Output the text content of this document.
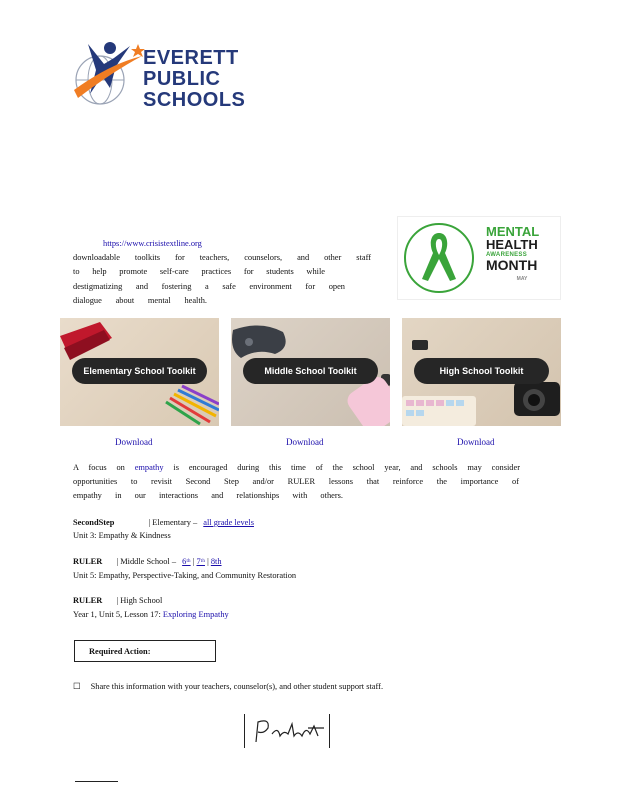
EVERETT
PUBLIC
SCHOOLS
https://www.crisistextline.org
downloadable toolkits for teachers, counselors, and other staff
to help promote self-care practices for students while
destigmatizing and fostering a safe environment for open
dialogue about mental health.
MENTAL
HEALTH
AWARENESS
MONTH
MAY
Elementary School Toolkit	Middle School Toolkit	High School Toolkit
Download	Download	Download
A focus on empathy is encouraged during this time of the school year, and schools may consider
opportunities to revisit Second Step and/or RULER lessons that reinforce the importance of
empathy in our interactions and relationships with others.
SecondStep	| Elementary – all grade levels
Unit 3: Empathy & Kindness
RULER | Middle School – 6ᵗʰ | 7ᵗʰ | 8th
Unit 5: Empathy, Perspective-Taking, and Community Restoration
RULER | High School
Year 1, Unit 5, Lesson 17: Exploring Empathy
Required Action:
☐ Share this information with your teachers, counselor(s), and other student support staff.
